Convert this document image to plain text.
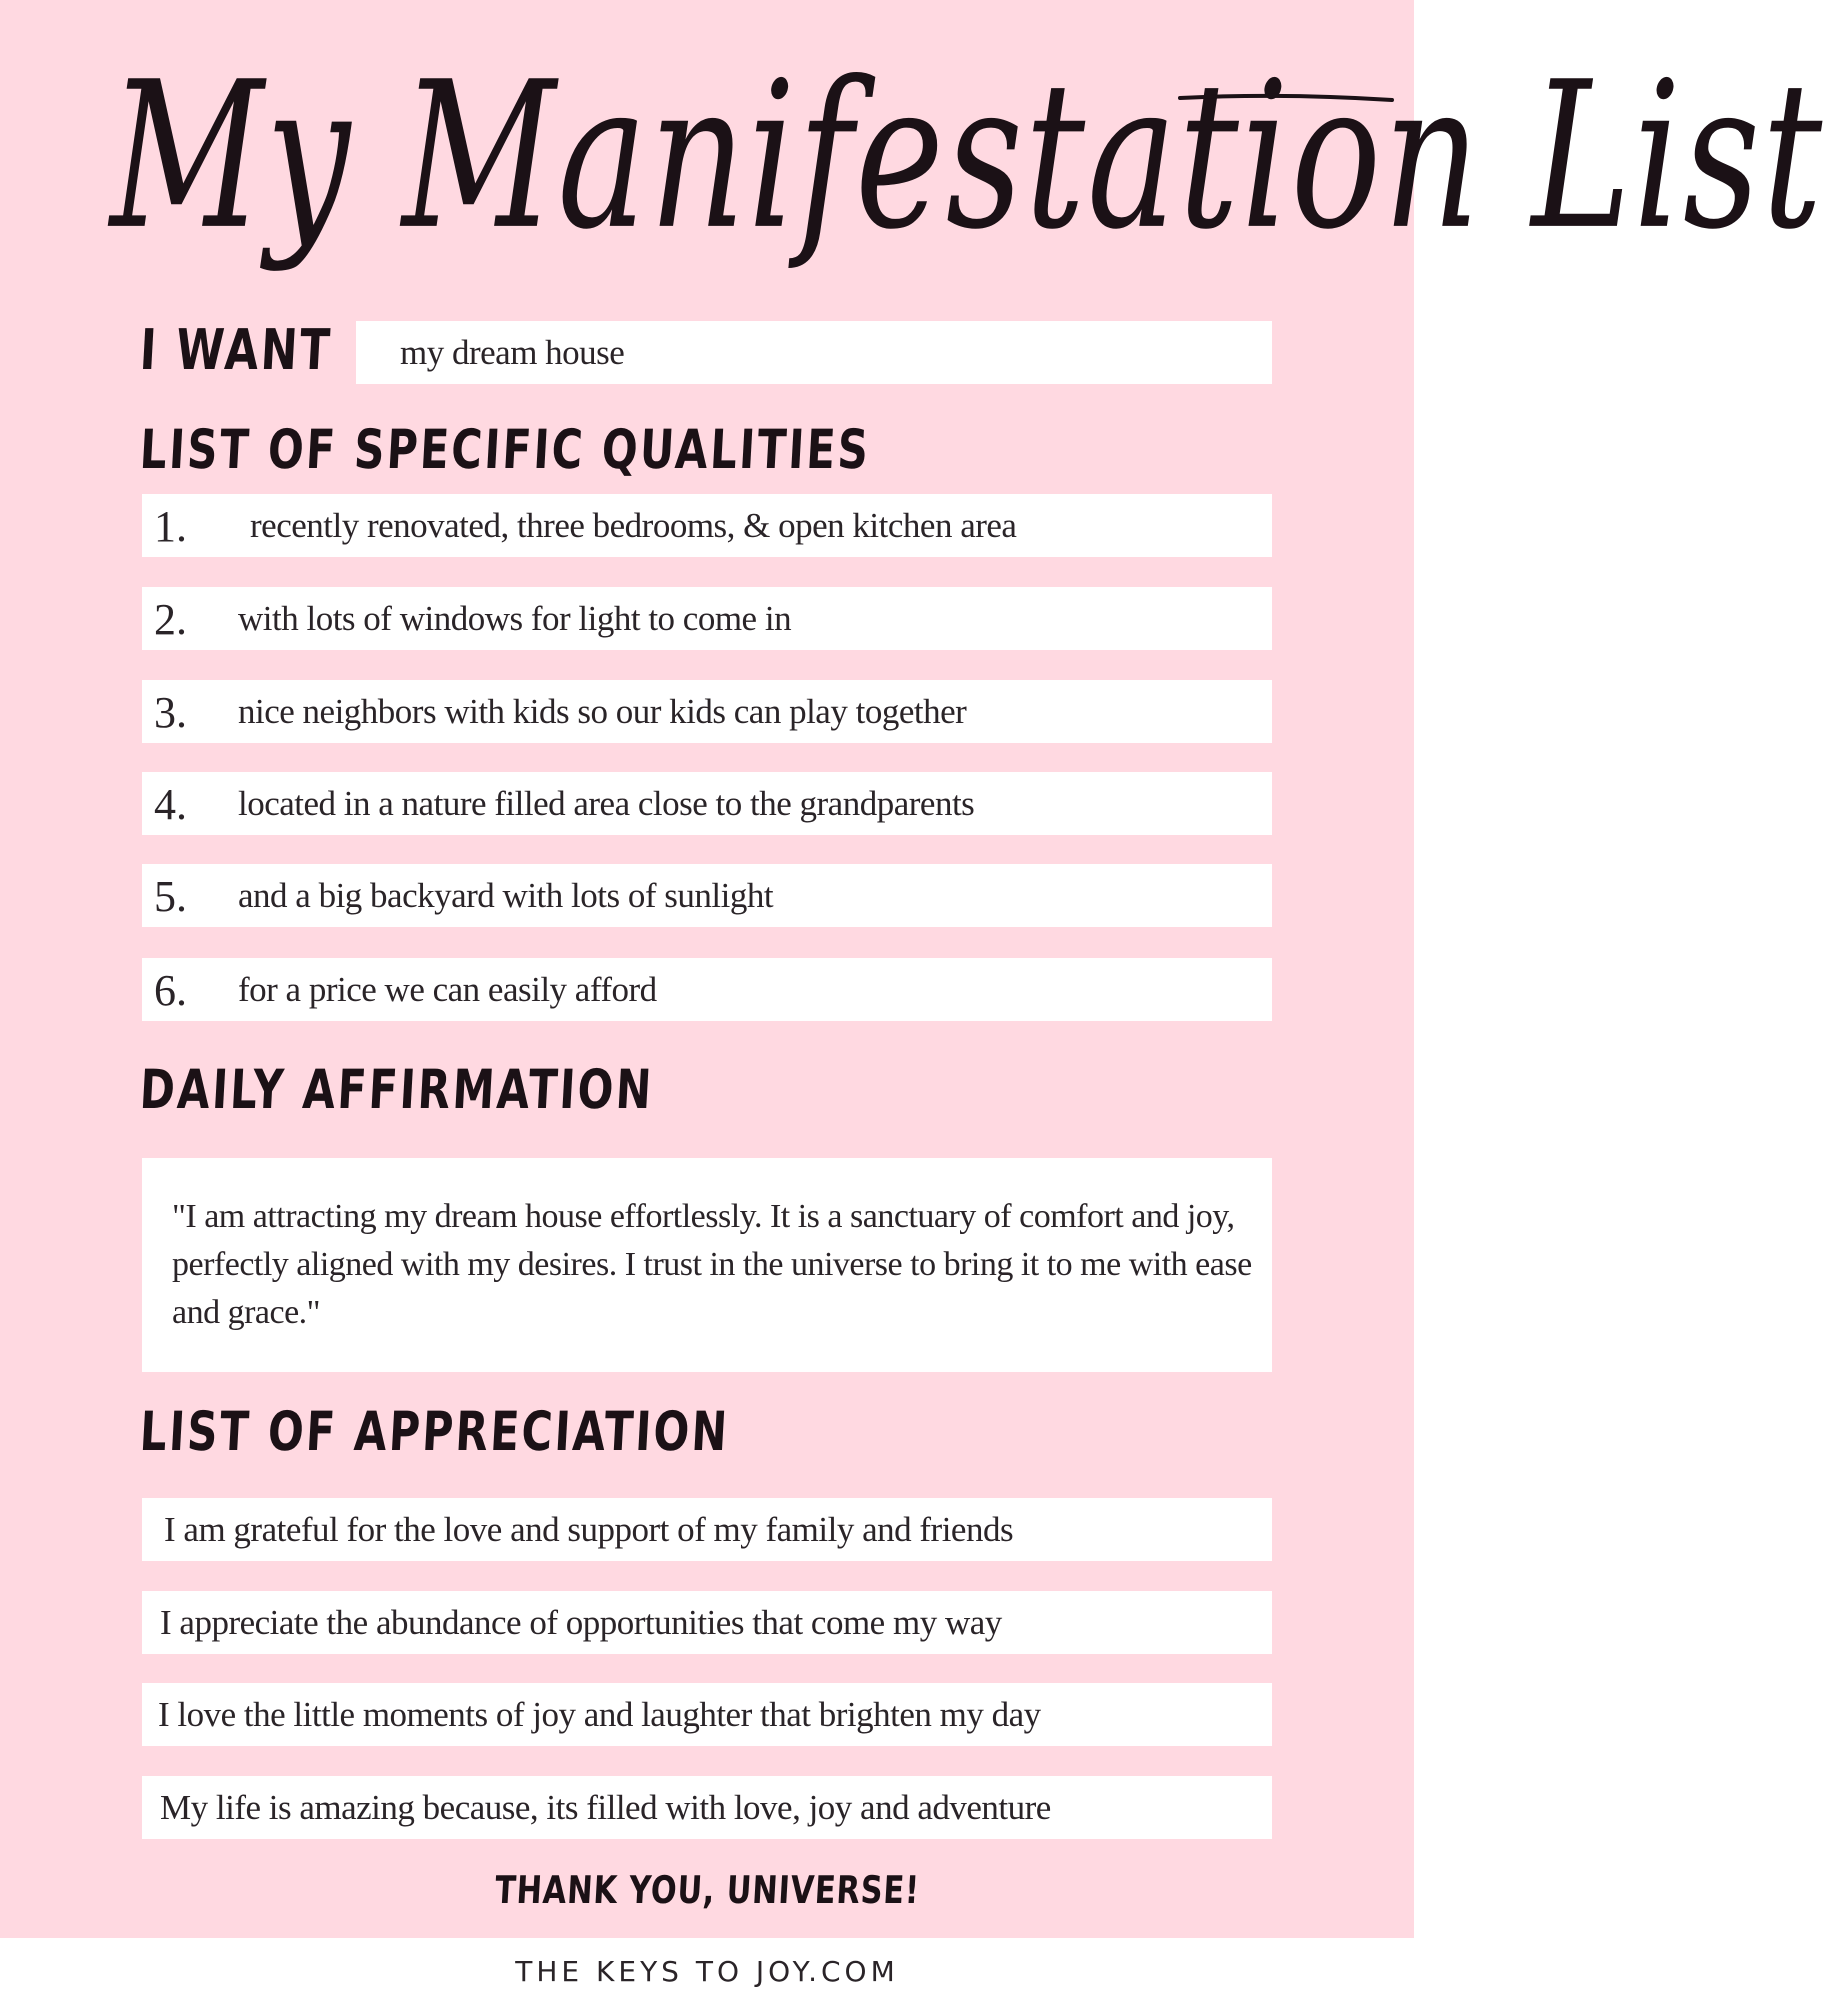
My Manifestation List
I WANT my dream house
LIST OF SPECIFIC QUALITIES
1. recently renovated, three bedrooms, & open kitchen area
2. with lots of windows for light to come in
3. nice neighbors with kids so our kids can play together
4. located in a nature filled area close to the grandparents
5. and a big backyard with lots of sunlight
6. for a price we can easily afford
DAILY AFFIRMATION

"I am attracting my dream house effortlessly. It is a sanctuary of comfort and joy, perfectly aligned with my desires. I trust in the universe to bring it to me with ease and grace."

LIST OF APPRECIATION
I am grateful for the love and support of my family and friends
I appreciate the abundance of opportunities that come my way
I love the little moments of joy and laughter that brighten my day
My life is amazing because, its filled with love, joy and adventure

THANK YOU, UNIVERSE!

THE KEYS TO JOY.COM
